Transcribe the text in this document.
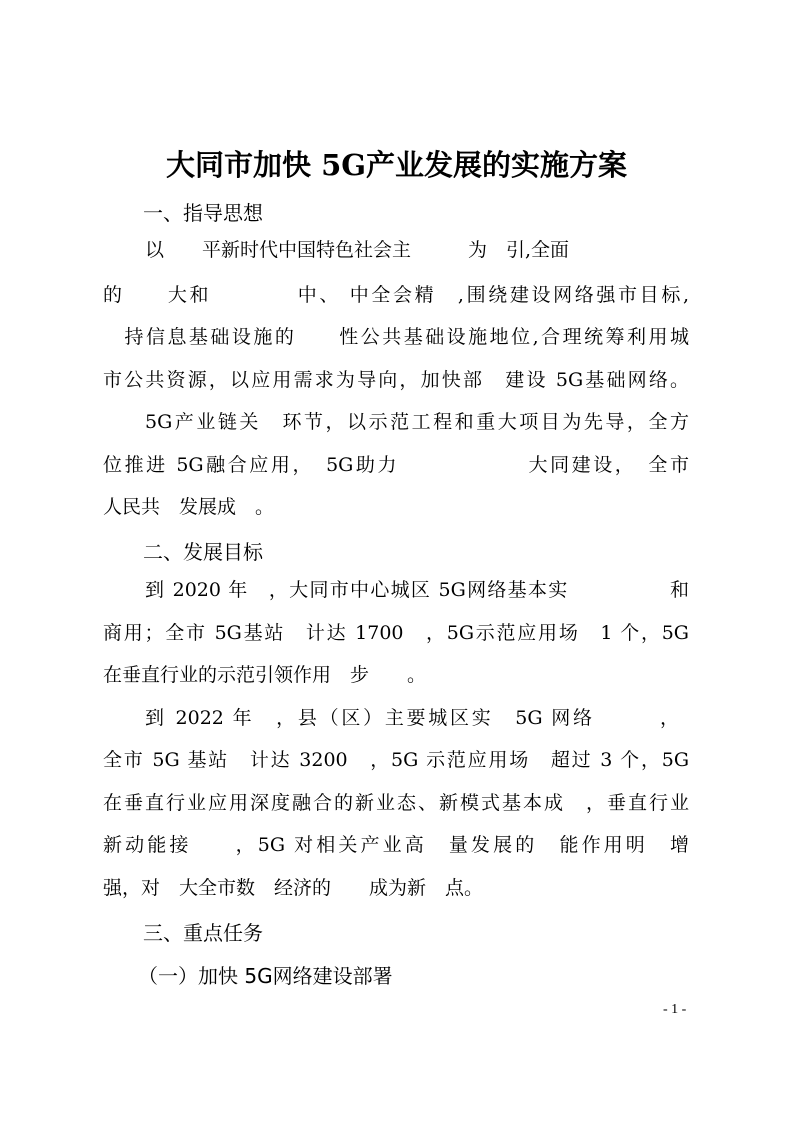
大同市加快 5G产业发展的实施方案
一、指导思想
以　　平新时代中国特色社会主　　　为　引,全面
的　　大和　　　　中、 中全会精　,围绕建设网络强市目标,
　持信息基础设施的　　性公共基础设施地位,合理统筹利用城
市公共资源，以应用需求为导向，加快部　建设 5G基础网络。
5G产业链关　环节，以示范工程和重大项目为先导，全方
位推进 5G融合应用，　5G助力　　　　　　大同建设，　全市
人民共　发展成　。
二、发展目标
到 2020 年　，大同市中心城区 5G网络基本实　　　　　和
商用；全市 5G基站　计达 1700　，5G示范应用场　1 个，5G
在垂直行业的示范引领作用　步　　。
到 2022 年　，县（区）主要城区实　5G 网络　　　，
全市 5G 基站　计达 3200　，5G 示范应用场　超过 3 个，5G
在垂直行业应用深度融合的新业态、新模式基本成　，垂直行业
新动能接　　，5G 对相关产业高　量发展的　能作用明　增
强，对　大全市数　经济的　　成为新　点。
三、重点任务
（一）加快 5G网络建设部署
- 1 -
